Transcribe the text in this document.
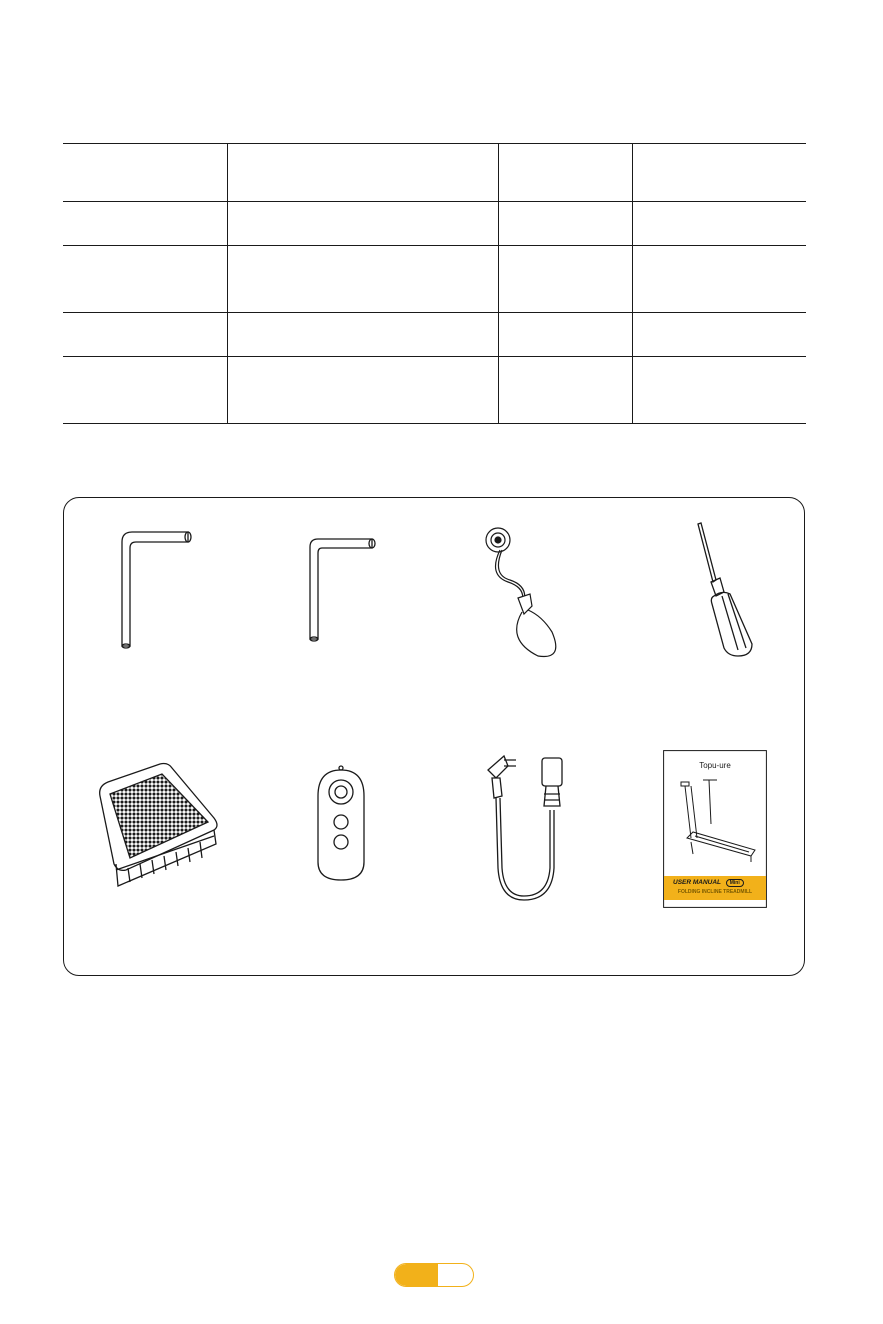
Topu-ure
USER MANUAL Mini
FOLDING INCLINE TREADMILL
